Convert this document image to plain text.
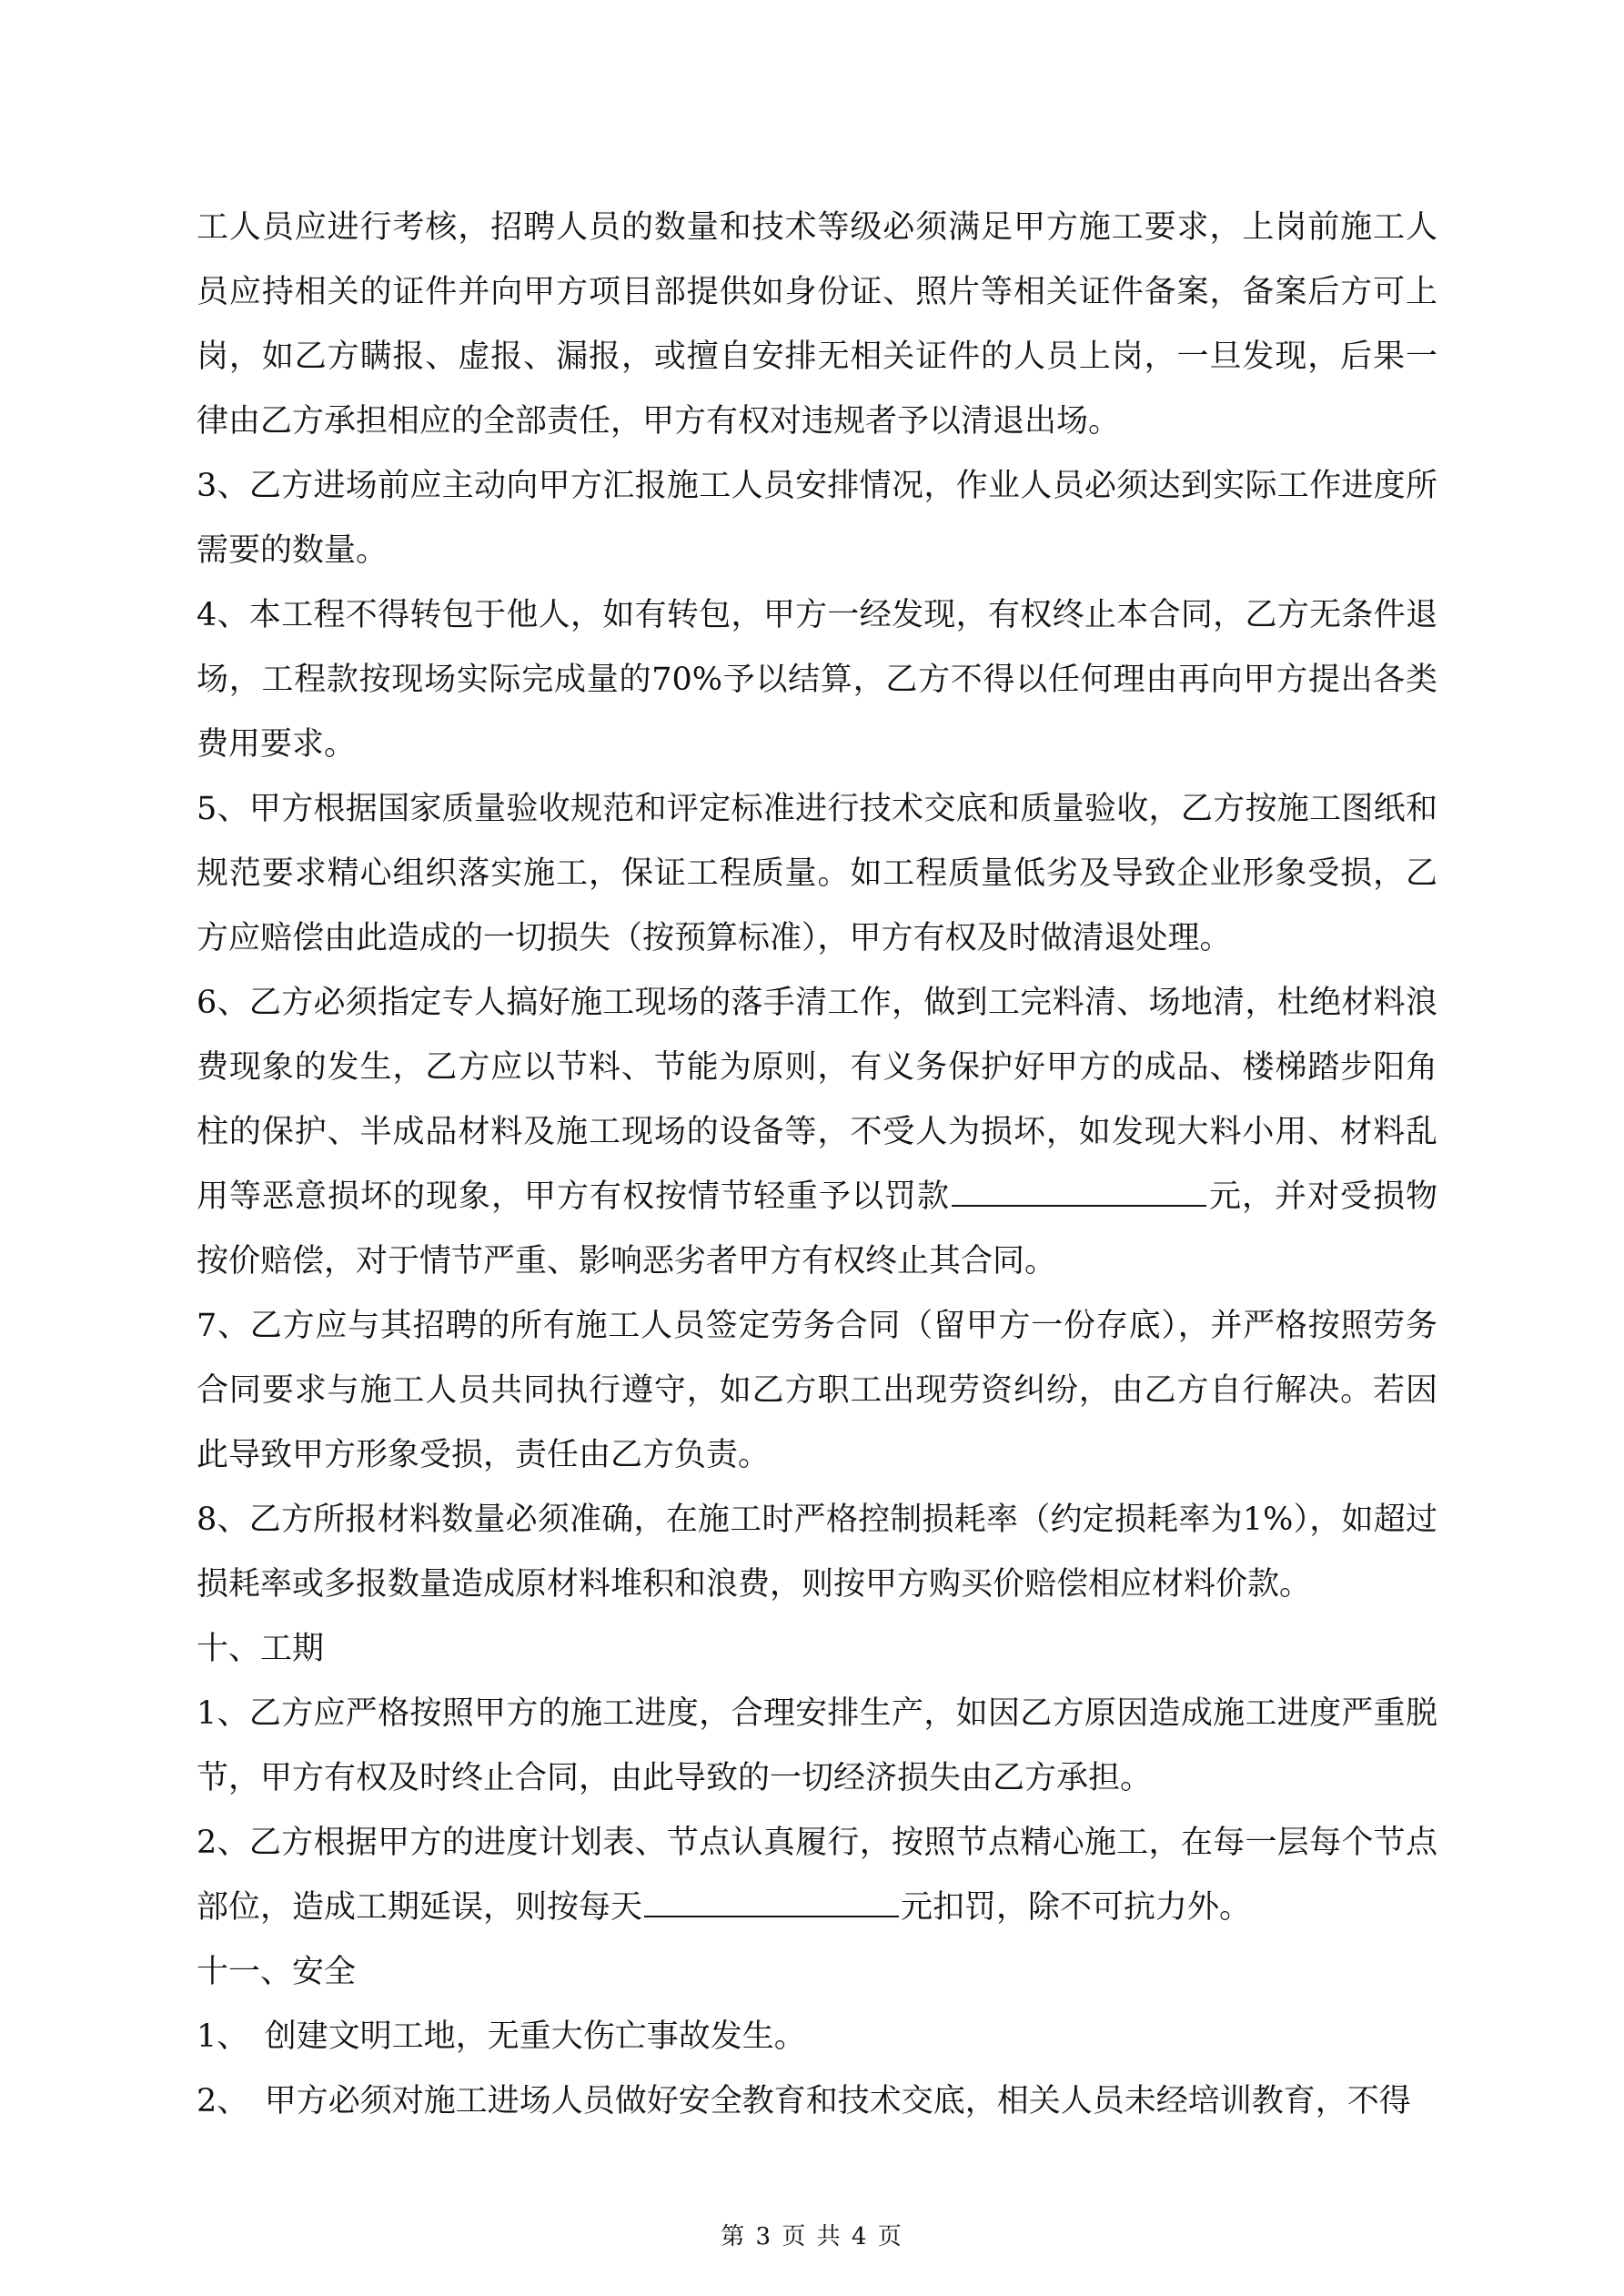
工人员应进行考核，招聘人员的数量和技术等级必须满足甲方施工要求，上岗前施工人员应持相关的证件并向甲方项目部提供如身份证、照片等相关证件备案，备案后方可上岗，如乙方瞒报、虚报、漏报，或擅自安排无相关证件的人员上岗，一旦发现，后果一律由乙方承担相应的全部责任，甲方有权对违规者予以清退出场。

3、乙方进场前应主动向甲方汇报施工人员安排情况，作业人员必须达到实际工作进度所需要的数量。

4、本工程不得转包于他人，如有转包，甲方一经发现，有权终止本合同，乙方无条件退场，工程款按现场实际完成量的70%予以结算，乙方不得以任何理由再向甲方提出各类费用要求。

5、甲方根据国家质量验收规范和评定标准进行技术交底和质量验收，乙方按施工图纸和规范要求精心组织落实施工，保证工程质量。如工程质量低劣及导致企业形象受损，乙方应赔偿由此造成的一切损失（按预算标准），甲方有权及时做清退处理。

6、乙方必须指定专人搞好施工现场的落手清工作，做到工完料清、场地清，杜绝材料浪费现象的发生，乙方应以节料、节能为原则，有义务保护好甲方的成品、楼梯踏步阳角柱的保护、半成品材料及施工现场的设备等，不受人为损坏，如发现大料小用、材料乱用等恶意损坏的现象，甲方有权按情节轻重予以罚款	元，并对受损物按价赔偿，对于情节严重、影响恶劣者甲方有权终止其合同。

7、乙方应与其招聘的所有施工人员签定劳务合同（留甲方一份存底），并严格按照劳务合同要求与施工人员共同执行遵守，如乙方职工出现劳资纠纷，由乙方自行解决。若因此导致甲方形象受损，责任由乙方负责。

8、乙方所报材料数量必须准确，在施工时严格控制损耗率（约定损耗率为1%），如超过损耗率或多报数量造成原材料堆积和浪费，则按甲方购买价赔偿相应材料价款。

十、工期

1、乙方应严格按照甲方的施工进度，合理安排生产，如因乙方原因造成施工进度严重脱节，甲方有权及时终止合同，由此导致的一切经济损失由乙方承担。

2、乙方根据甲方的进度计划表、节点认真履行，按照节点精心施工，在每一层每个节点部位，造成工期延误，则按每天	元扣罚，除不可抗力外。

十一、安全

1、　创建文明工地，无重大伤亡事故发生。

2、　甲方必须对施工进场人员做好安全教育和技术交底，相关人员未经培训教育，不得

第 3 页 共 4 页
